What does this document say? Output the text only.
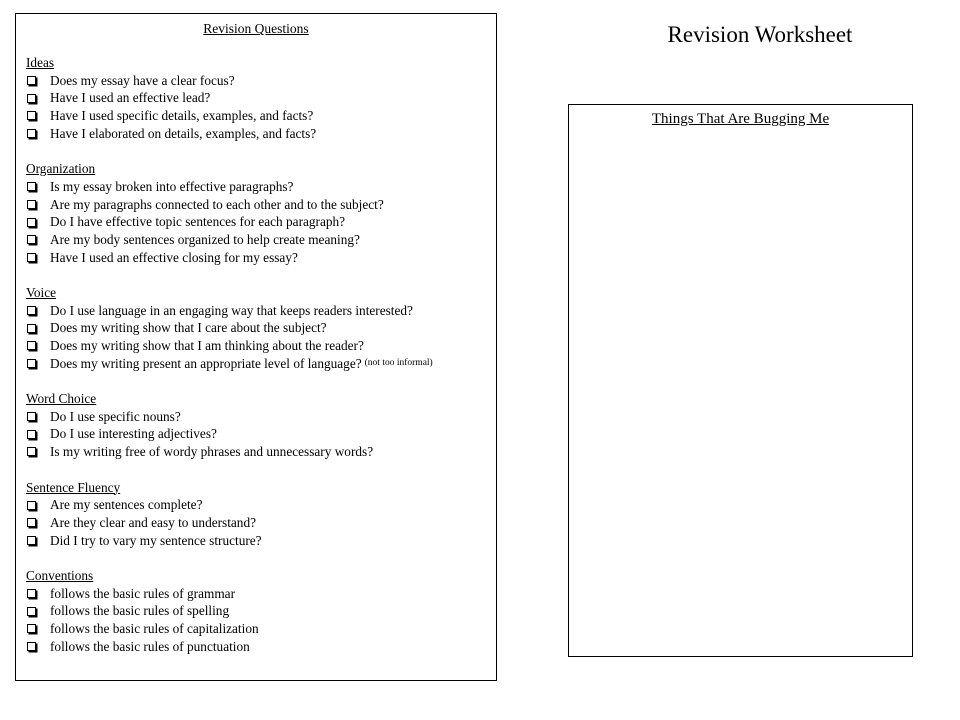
Revision Worksheet
Revision Questions
Ideas
Does my essay have a clear focus?
Have I used an effective lead?
Have I used specific details, examples, and facts?
Have I elaborated on details, examples, and facts?
Organization
Is my essay broken into effective paragraphs?
Are my paragraphs connected to each other and to the subject?
Do I have effective topic sentences for each paragraph?
Are my body sentences organized to help create meaning?
Have I used an effective closing for my essay?
Voice
Do I use language in an engaging way that keeps readers interested?
Does my writing show that I care about the subject?
Does my writing show that I am thinking about the reader?
Does my writing present an appropriate level of language? (not too informal)
Word Choice
Do I use specific nouns?
Do I use interesting adjectives?
Is my writing free of wordy phrases and unnecessary words?
Sentence Fluency
Are my sentences complete?
Are they clear and easy to understand?
Did I try to vary my sentence structure?
Conventions
follows the basic rules of grammar
follows the basic rules of spelling
follows the basic rules of capitalization
follows the basic rules of punctuation
Things That Are Bugging Me
